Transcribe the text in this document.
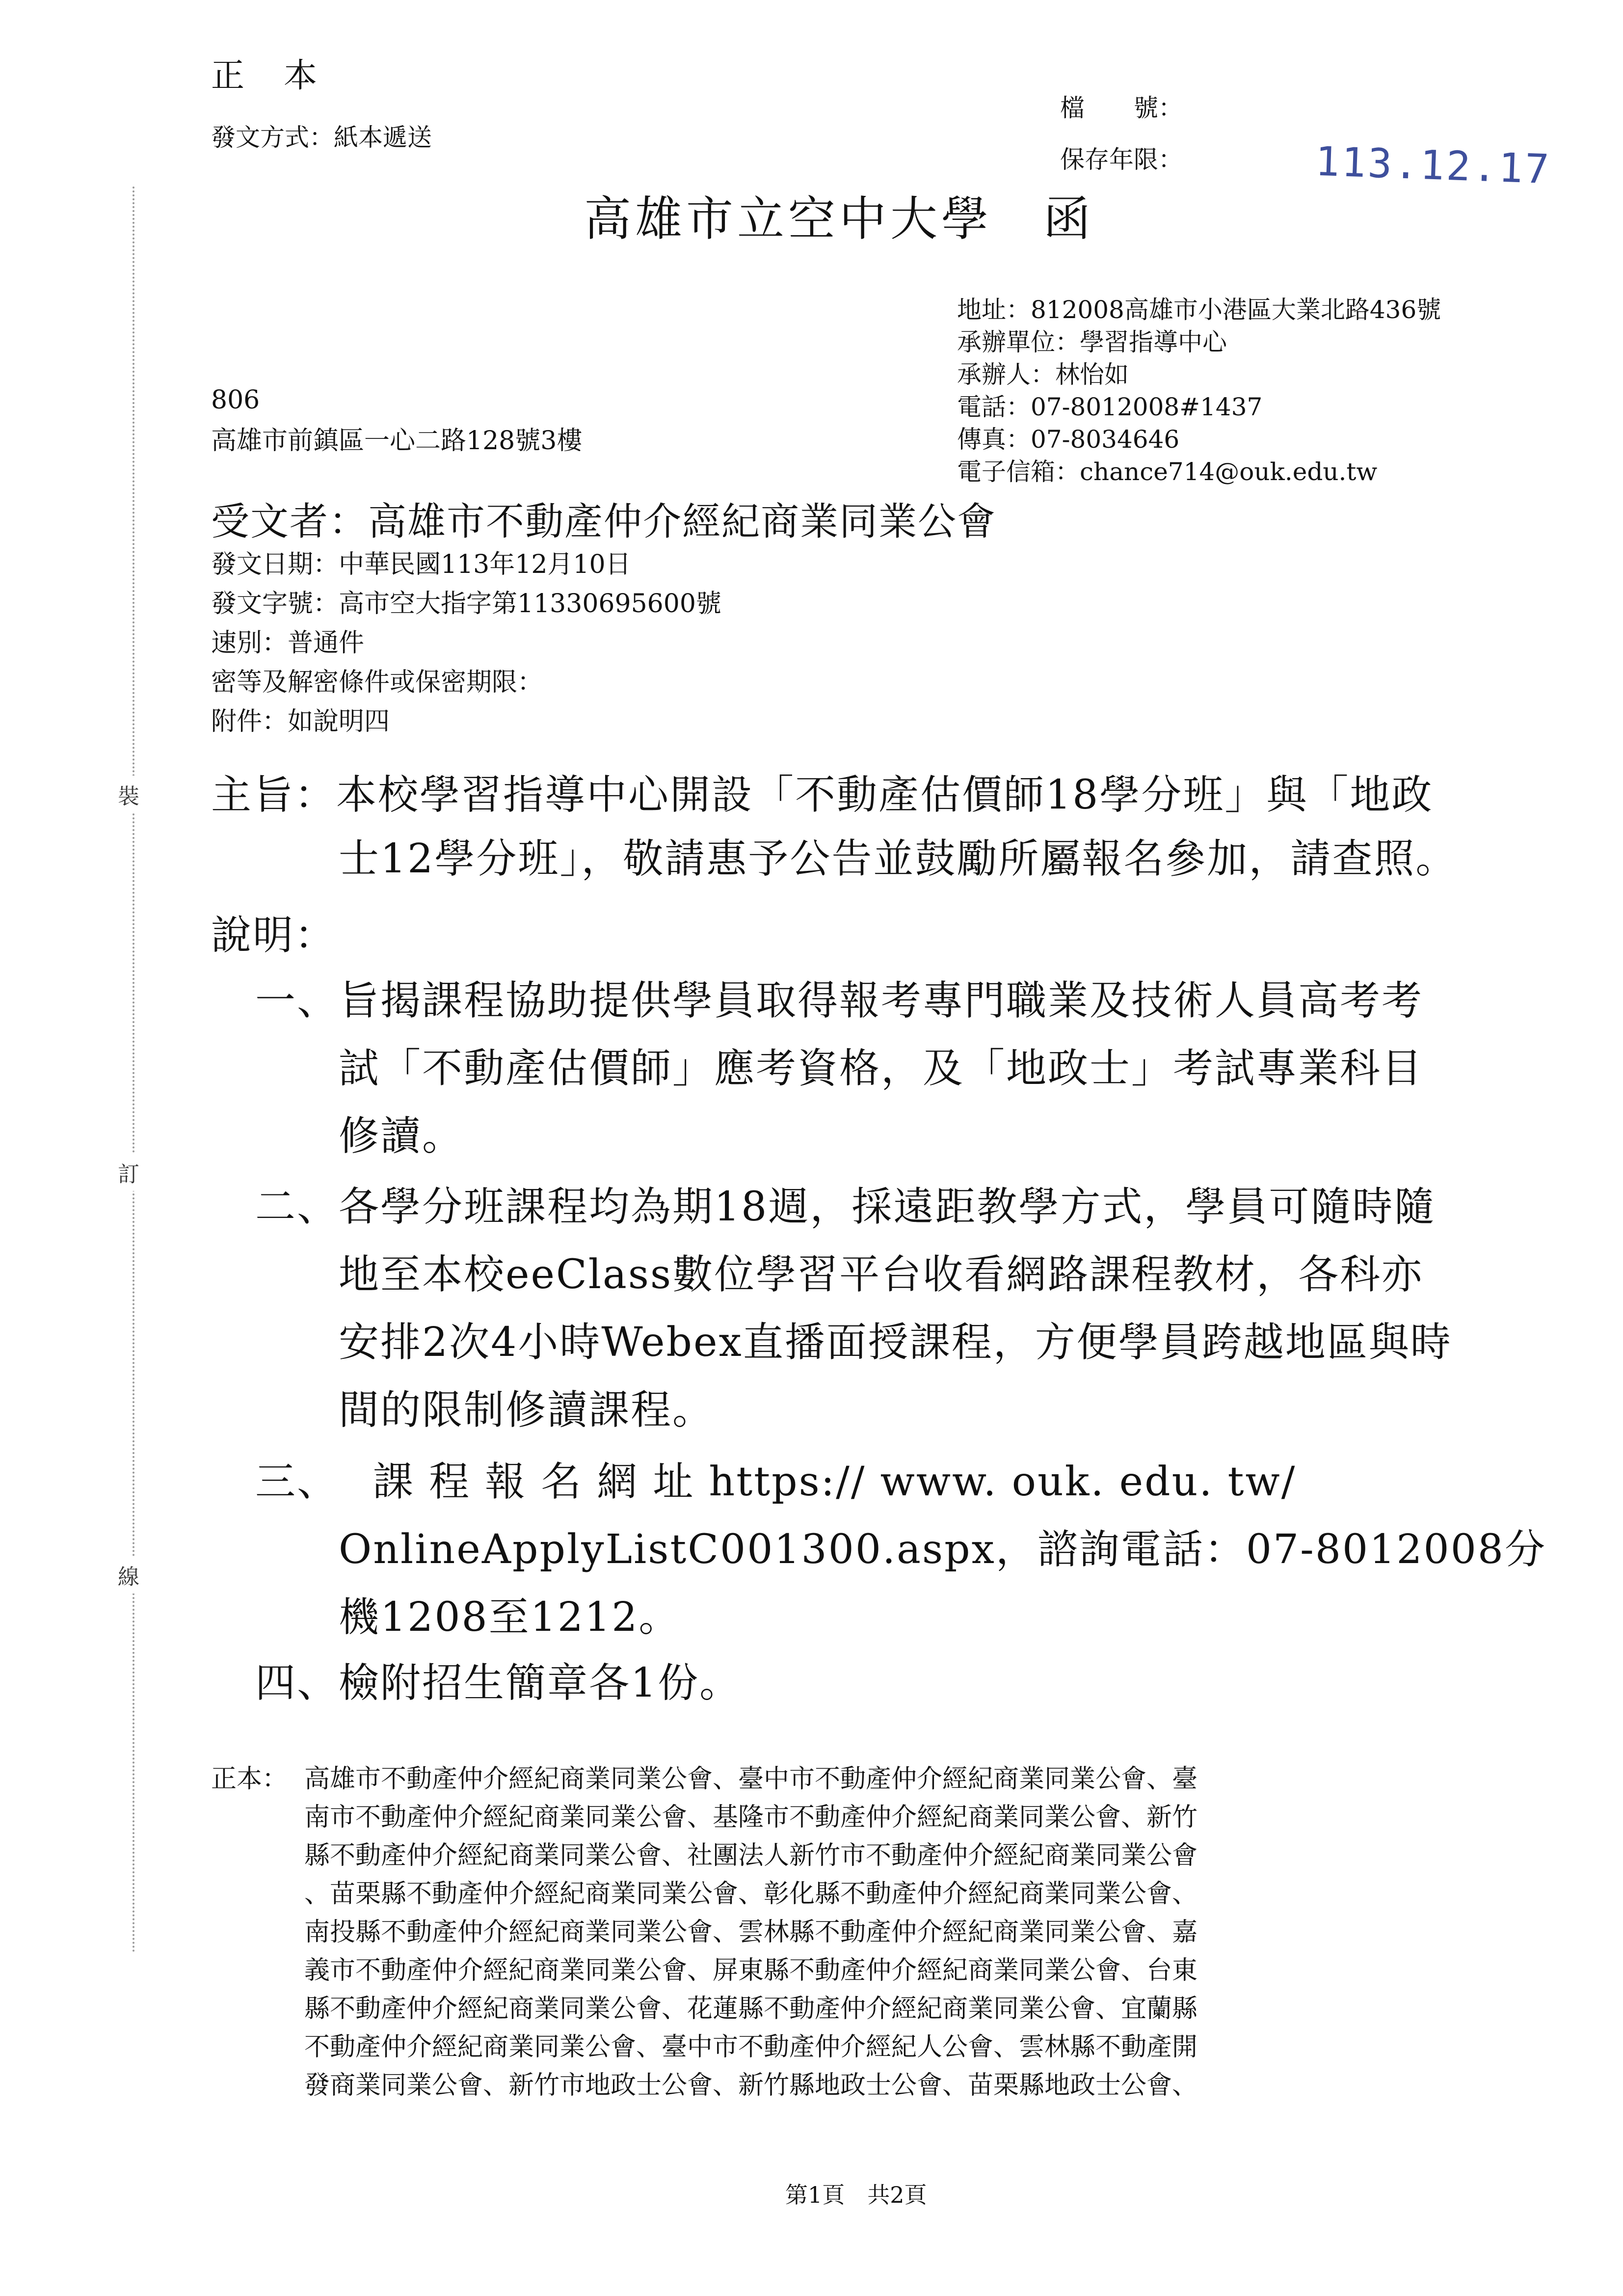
裝
訂
線
正　本
發文方式：紙本遞送
檔　　號：
保存年限：	113.12.17
高雄市立空中大學　函
地址：812008高雄市小港區大業北路436號
承辦單位：學習指導中心
承辦人：林怡如
電話：07-8012008#1437
傳真：07-8034646
電子信箱：chance714@ouk.edu.tw
806
高雄市前鎮區一心二路128號3樓
受文者：高雄市不動產仲介經紀商業同業公會
發文日期：中華民國113年12月10日
發文字號：高市空大指字第11330695600號
速別：普通件
密等及解密條件或保密期限：
附件：如說明四
主旨：本校學習指導中心開設「不動產估價師18學分班」與「地政
士12學分班」，敬請惠予公告並鼓勵所屬報名參加，請查照。
說明：
一、 旨揭課程協助提供學員取得報考專門職業及技術人員高考考
試「不動產估價師」應考資格，及「地政士」考試專業科目
修讀。
二、 各學分班課程均為期18週，採遠距教學方式，學員可隨時隨
地至本校eeClass數位學習平台收看網路課程教材，各科亦
安排2次4小時Webex直播面授課程，方便學員跨越地區與時
間的限制修讀課程。
三、 課 程 報 名 網 址 https:// www. ouk. edu. tw/
OnlineApplyListC001300.aspx，諮詢電話：07-8012008分
機1208至1212。
四、 檢附招生簡章各1份。
正本： 高雄市不動產仲介經紀商業同業公會、臺中市不動產仲介經紀商業同業公會、臺
南市不動產仲介經紀商業同業公會、基隆市不動產仲介經紀商業同業公會、新竹
縣不動產仲介經紀商業同業公會、社團法人新竹市不動產仲介經紀商業同業公會
、苗栗縣不動產仲介經紀商業同業公會、彰化縣不動產仲介經紀商業同業公會、
南投縣不動產仲介經紀商業同業公會、雲林縣不動產仲介經紀商業同業公會、嘉
義市不動產仲介經紀商業同業公會、屏東縣不動產仲介經紀商業同業公會、台東
縣不動產仲介經紀商業同業公會、花蓮縣不動產仲介經紀商業同業公會、宜蘭縣
不動產仲介經紀商業同業公會、臺中市不動產仲介經紀人公會、雲林縣不動產開
發商業同業公會、新竹市地政士公會、新竹縣地政士公會、苗栗縣地政士公會、
第1頁　共2頁
